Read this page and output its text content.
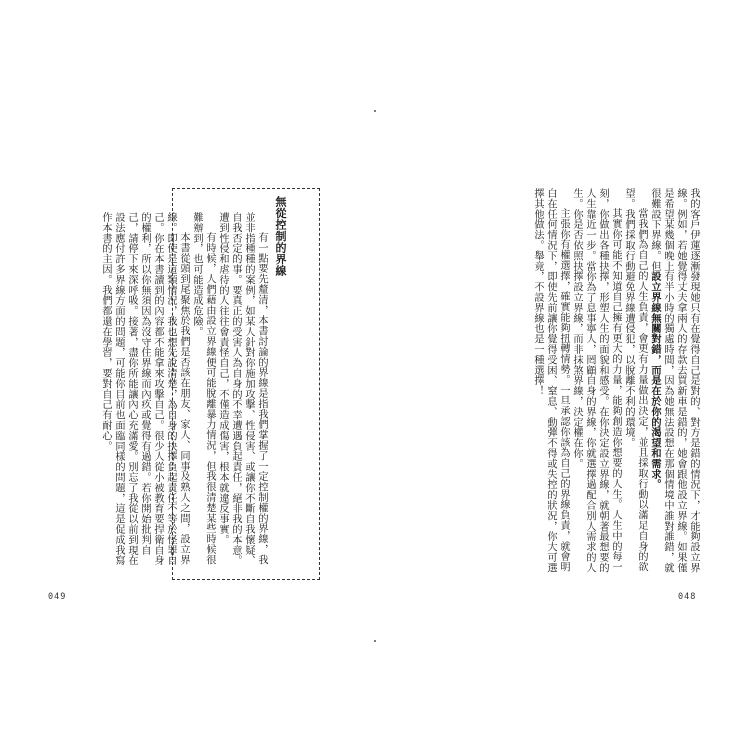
無從控制的界線

有一點要先釐清，本書討論的界線是指我們掌握了一定控制權的界線，我並非指種種的案例，如某人針對你施加攻擊、性侵害、或讓你不斷自我懷疑、自我否定的事。要真正的受害人為自身的不幸遭遇負起責任，絕非我的本意。遭到性侵和虐待的人往往會責怪自己，不僅造成傷害，根本就違反事實。

有時候，人們藉由設立界線便可能脫離暴力情況，但我很清楚某些時候很難辦到，也可能造成危險。

本書從頭到尾聚焦於我們是否該在朋友、家人、同事及熟人之間，設立界線。即使是這類情況，我也想先說清楚，為自身的抉擇負起責任不等於怪罪自己。你在本書讀到的內容都不能拿來攻擊自己。很少人從小被教育要捍衛自身的權利，所以你無須因為沒守住界線而內疚或覺得有過錯。若你開始批判自己，請停下來深呼吸。接著，盡你所能讓內心充滿愛。別忘了我從以前到現在設法應付許多界線方面的問題，可能你目前也面臨同樣的問題，這是促成我寫作本書的主因。我們都還在學習，要對自己有耐心。

049	048

我的客戶伊蓮逐漸發現她只有在覺得自己是對的、對方是錯的情況下，才能夠設立界線。例如，若她覺得丈夫拿兩人的存款去買新車是錯的，她會跟他設立界線。如果僅是希望某幾個晚上有半小時的獨處時間，因為她無法設想在那個情境中誰對誰錯，就很難設下界線。但設立界線無關對錯，而是在於你的渴望和需求。

當我們為自己的人生負責，會更有力量做出決定，並且採取行動以滿足自身的欲望。我們採取行動避免界線遭侵犯，以脫離不利的環境。

其實你可能不知道自己擁有更大的力量，能夠創造你想要的人生。人生中的每一刻，你做出各種抉擇，形塑人生的面貌和感受。在你決定設立界線，就朝著最想要的人生靠近一步。當你為了息事寧人，罔顧自身的界線，你就選擇過配合別人需求的人生。你是否依照抉擇設立界線，而非抹煞界線，決定權在你。

主張你有權選擇，確實能夠扭轉情勢。一旦承認你該為自己的界線負責，就會明白在任何情況下，即使先前讓你覺得受困、窒息、動彈不得或失控的狀況，你大可選擇其他做法。舉竟，不設界線也是一種選擇！
